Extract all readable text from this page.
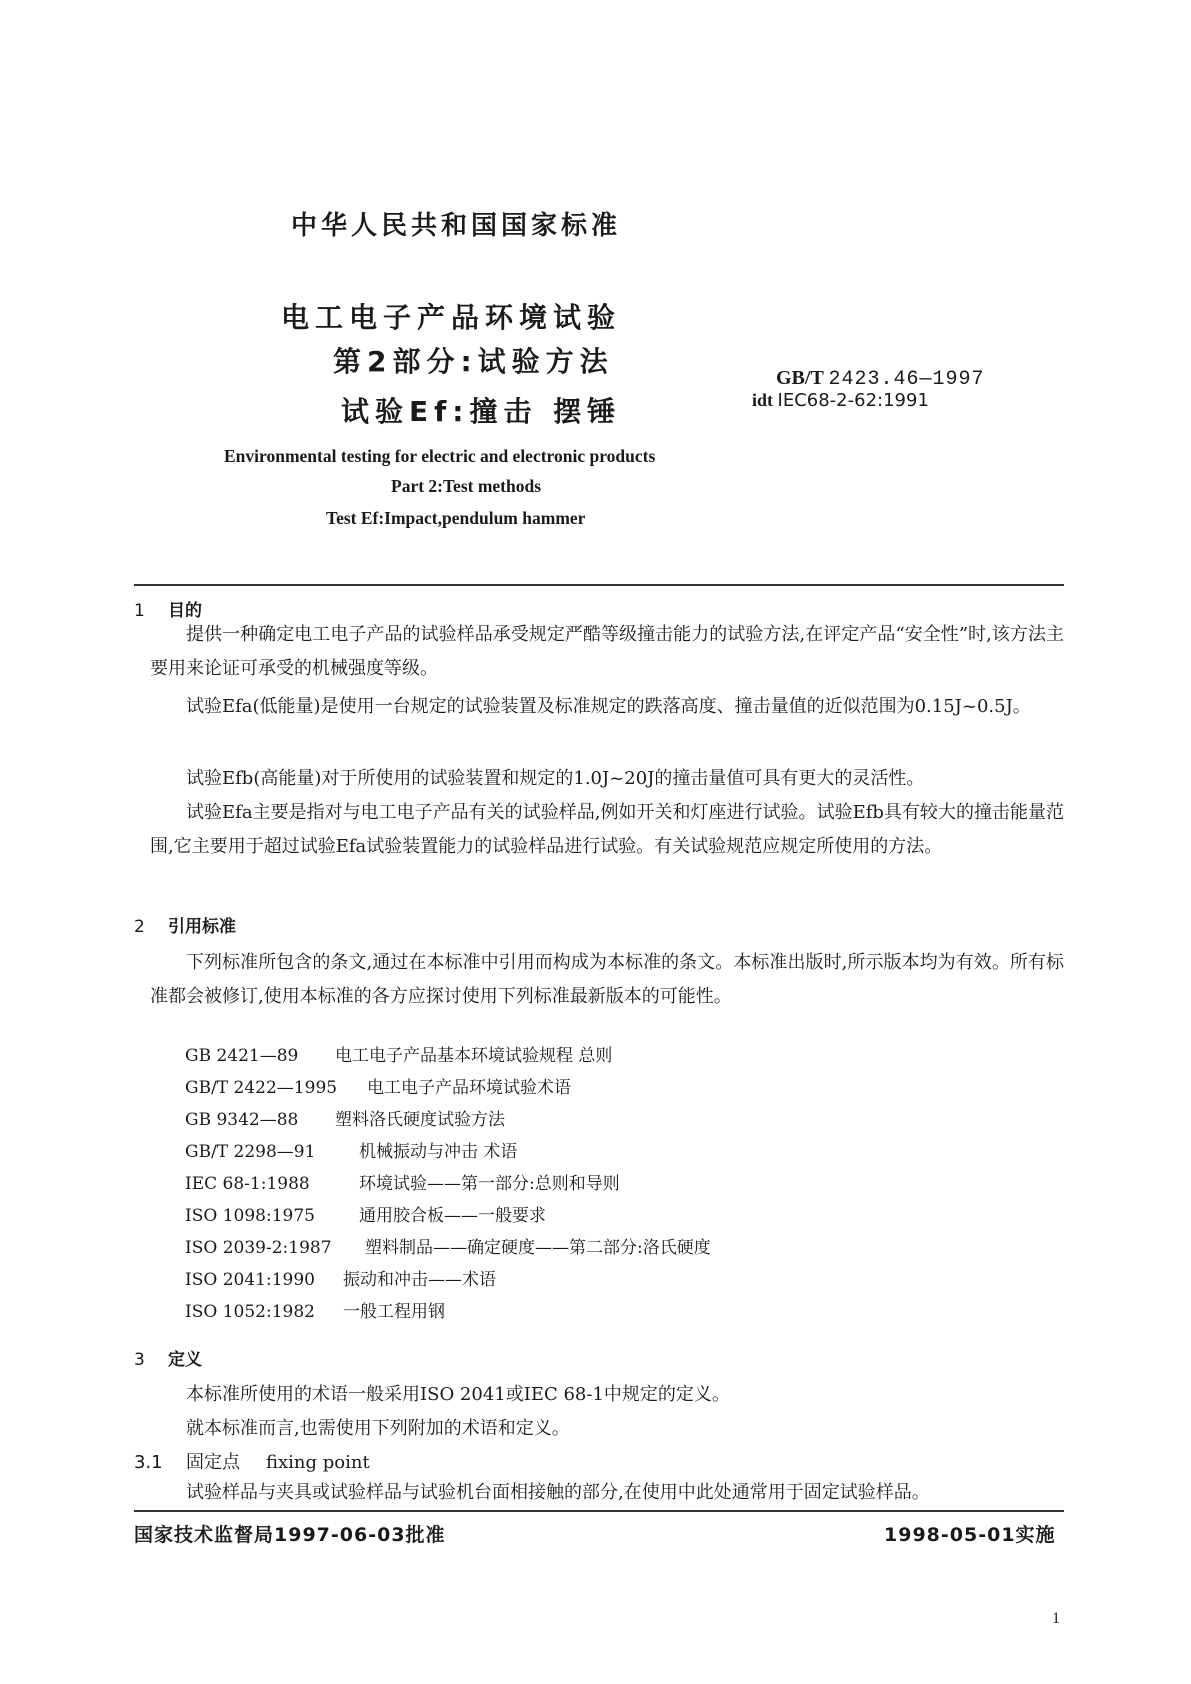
中华人民共和国国家标准
电工电子产品环境试验
第2部分:试验方法
试验Ef:撞击 摆锤
GB/T 2423.46—1997
idt IEC68-2-62:1991
Environmental testing for electric and electronic products
Part 2:Test methods
Test Ef:Impact,pendulum hammer
1 目的
提供一种确定电工电子产品的试验样品承受规定严酷等级撞击能力的试验方法,在评定产品“安全性”时,该方法主要用来论证可承受的机械强度等级。
试验Efa(低能量)是使用一台规定的试验装置及标准规定的跌落高度、撞击量值的近似范围为0.15J~0.5J。
试验Efb(高能量)对于所使用的试验装置和规定的1.0J~20J的撞击量值可具有更大的灵活性。
试验Efa主要是指对与电工电子产品有关的试验样品,例如开关和灯座进行试验。试验Efb具有较大的撞击能量范围,它主要用于超过试验Efa试验装置能力的试验样品进行试验。有关试验规范应规定所使用的方法。
2 引用标准
下列标准所包含的条文,通过在本标准中引用而构成为本标准的条文。本标准出版时,所示版本均为有效。所有标准都会被修订,使用本标准的各方应探讨使用下列标准最新版本的可能性。
GB 2421—89 电工电子产品基本环境试验规程 总则
GB/T 2422—1995 电工电子产品环境试验术语
GB 9342—88 塑料洛氏硬度试验方法
GB/T 2298—91	机械振动与冲击 术语
IEC 68-1:1988	环境试验——第一部分:总则和导则
ISO 1098:1975	通用胶合板——一般要求
ISO 2039-2:1987 塑料制品——确定硬度——第二部分:洛氏硬度
ISO 2041:1990 振动和冲击——术语
ISO 1052:1982 一般工程用钢
3 定义
本标准所使用的术语一般采用ISO 2041或IEC 68-1中规定的定义。
就本标准而言,也需使用下列附加的术语和定义。
3.1 固定点 fixing point
试验样品与夹具或试验样品与试验机台面相接触的部分,在使用中此处通常用于固定试验样品。
国家技术监督局1997-06-03批准	1998-05-01实施
1
